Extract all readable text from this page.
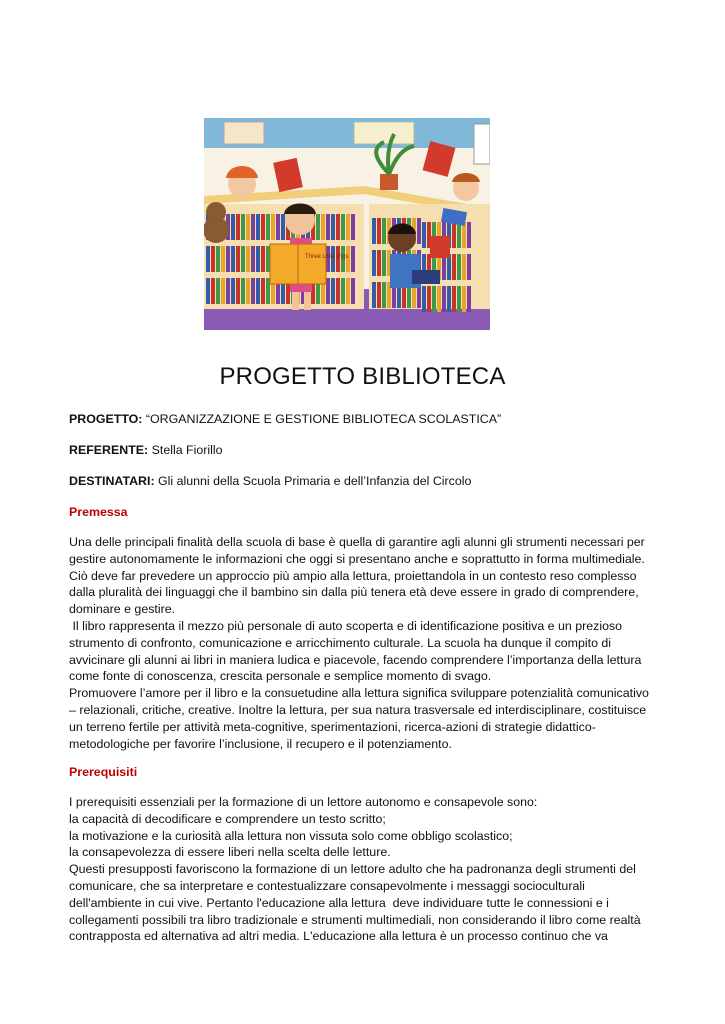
Three Little Pigs
PROGETTO BIBLIOTECA
PROGETTO: “ORGANIZZAZIONE E GESTIONE BIBLIOTECA SCOLASTICA”
REFERENTE: Stella Fiorillo
DESTINATARI: Gli alunni della Scuola Primaria e dell’Infanzia del Circolo
Premessa
Una delle principali finalità della scuola di base è quella di garantire agli alunni gli strumenti necessari per
gestire autonomamente le informazioni che oggi si presentano anche e soprattutto in forma multimediale.
Ciò deve far prevedere un approccio più ampio alla lettura, proiettandola in un contesto reso complesso
dalla pluralità dei linguaggi che il bambino sin dalla più tenera età deve essere in grado di comprendere,
dominare e gestire.
Il libro rappresenta il mezzo più personale di auto scoperta e di identificazione positiva e un prezioso
strumento di confronto, comunicazione e arricchimento culturale. La scuola ha dunque il compito di
avvicinare gli alunni ai libri in maniera ludica e piacevole, facendo comprendere l’importanza della lettura
come fonte di conoscenza, crescita personale e semplice momento di svago.
Promuovere l’amore per il libro e la consuetudine alla lettura significa sviluppare potenzialità comunicativo
– relazionali, critiche, creative. Inoltre la lettura, per sua natura trasversale ed interdisciplinare, costituisce
un terreno fertile per attività meta-cognitive, sperimentazioni, ricerca-azioni di strategie didattico-
metodologiche per favorire l’inclusione, il recupero e il potenziamento.
Prerequisiti
I prerequisiti essenziali per la formazione di un lettore autonomo e consapevole sono:
la capacità di decodificare e comprendere un testo scritto;
la motivazione e la curiosità alla lettura non vissuta solo come obbligo scolastico;
la consapevolezza di essere liberi nella scelta delle letture.
Questi presupposti favoriscono la formazione di un lettore adulto che ha padronanza degli strumenti del
comunicare, che sa interpretare e contestualizzare consapevolmente i messaggi socioculturali
dell'ambiente in cui vive. Pertanto l'educazione alla lettura  deve individuare tutte le connessioni e i
collegamenti possibili tra libro tradizionale e strumenti multimediali, non considerando il libro come realtà
contrapposta ed alternativa ad altri media. L'educazione alla lettura è un processo continuo che va
